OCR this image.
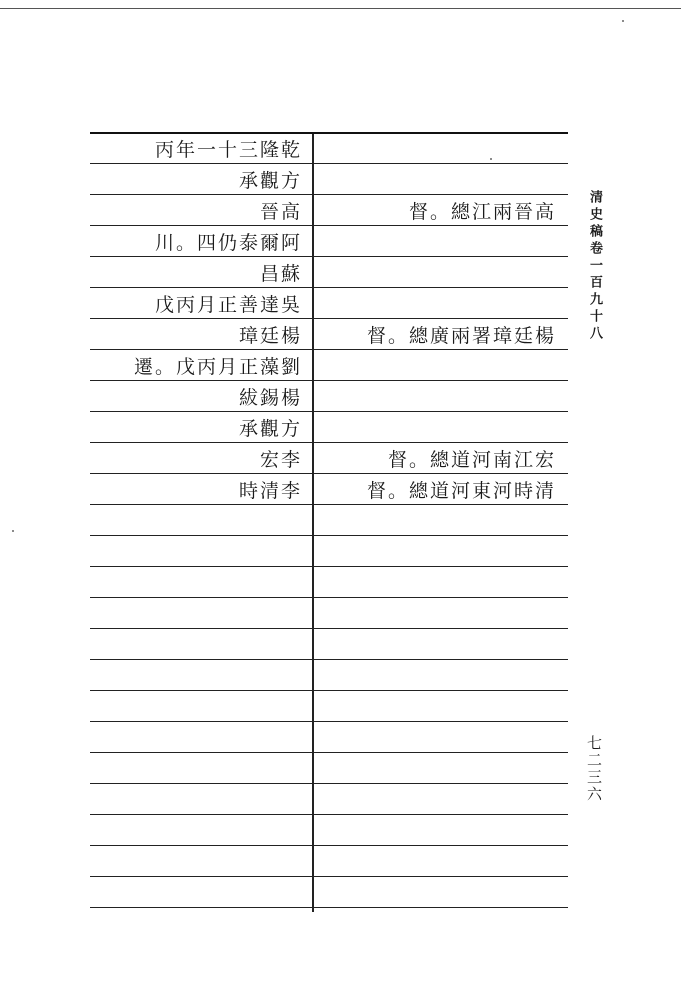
丙年一十三隆乾
承觀方
晉高	督。總江兩晉高
川。四仍泰爾阿
昌蘇
戊丙月正善達吳
璋廷楊	督。總廣兩署璋廷楊
遷。戊丙月正藻劉
紱錫楊
承觀方
宏李	督。總道河南江宏
時清李	督。總道河東河時清
清史稿卷一百九十八
七二三六
